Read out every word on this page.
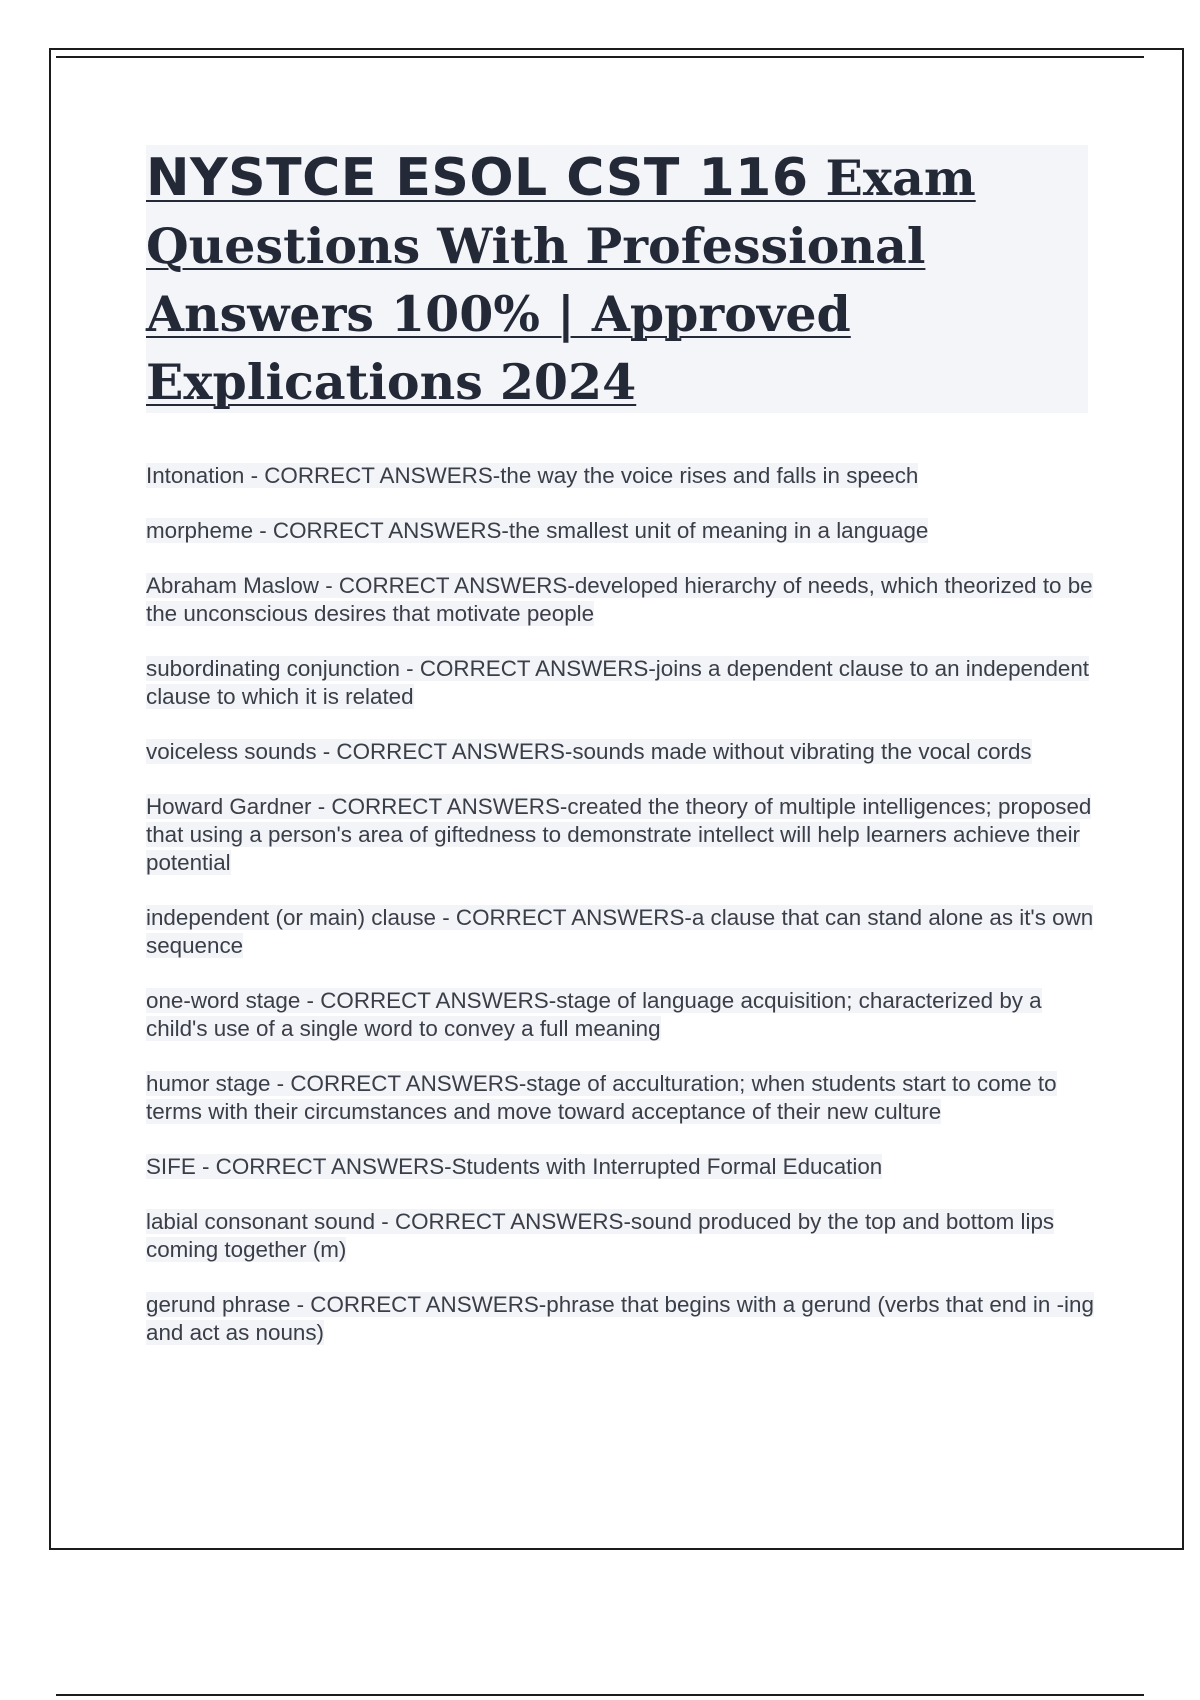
NYSTCE ESOL CST 116 Exam Questions With Professional Answers 100% | Approved Explications 2024
Intonation - CORRECT ANSWERS-the way the voice rises and falls in speech
morpheme - CORRECT ANSWERS-the smallest unit of meaning in a language
Abraham Maslow - CORRECT ANSWERS-developed hierarchy of needs, which theorized to be the unconscious desires that motivate people
subordinating conjunction - CORRECT ANSWERS-joins a dependent clause to an independent clause to which it is related
voiceless sounds - CORRECT ANSWERS-sounds made without vibrating the vocal cords
Howard Gardner - CORRECT ANSWERS-created the theory of multiple intelligences; proposed that using a person's area of giftedness to demonstrate intellect will help learners achieve their potential
independent (or main) clause - CORRECT ANSWERS-a clause that can stand alone as it's own sequence
one-word stage - CORRECT ANSWERS-stage of language acquisition; characterized by a child's use of a single word to convey a full meaning
humor stage - CORRECT ANSWERS-stage of acculturation; when students start to come to terms with their circumstances and move toward acceptance of their new culture
SIFE - CORRECT ANSWERS-Students with Interrupted Formal Education
labial consonant sound - CORRECT ANSWERS-sound produced by the top and bottom lips coming together (m)
gerund phrase - CORRECT ANSWERS-phrase that begins with a gerund (verbs that end in -ing and act as nouns)
